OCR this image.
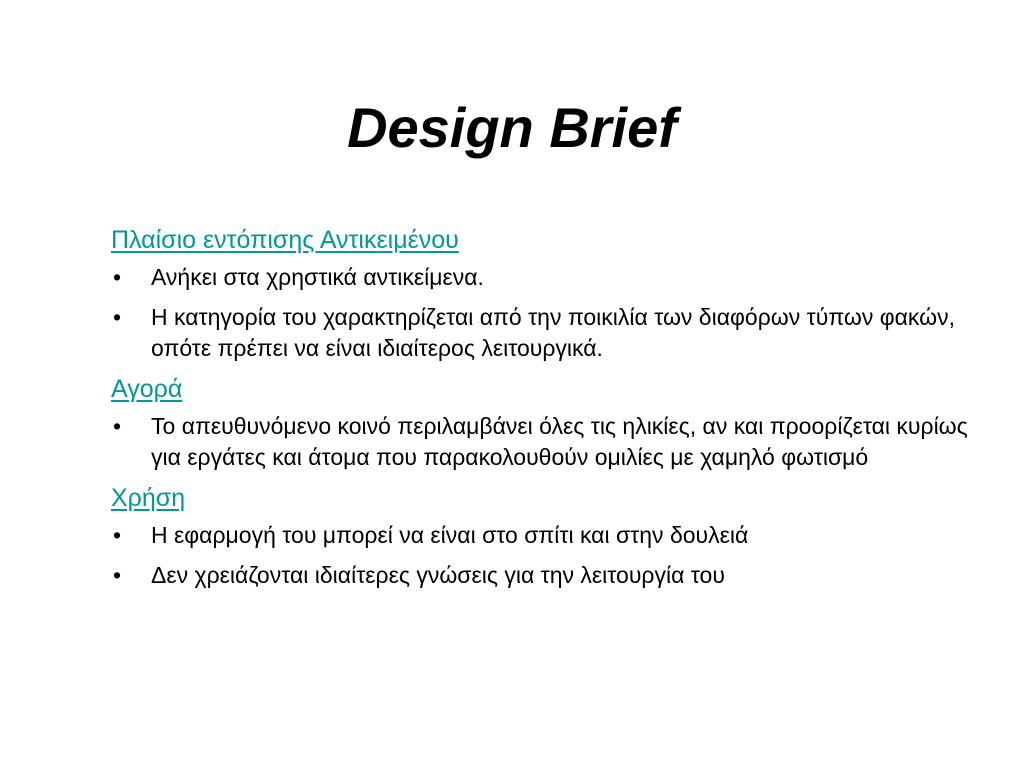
Design Brief
Πλαίσιο εντόπισης Αντικειμένου
• Ανήκει στα χρηστικά αντικείμενα.
• Η κατηγορία του χαρακτηρίζεται από την ποικιλία των διαφόρων τύπων φακών, οπότε πρέπει να είναι ιδιαίτερος λειτουργικά.
Αγορά
• Το απευθυνόμενο κοινό περιλαμβάνει όλες τις ηλικίες, αν και προορίζεται κυρίως για εργάτες και άτομα που παρακολουθούν ομιλίες με χαμηλό φωτισμό
Χρήση
• Η εφαρμογή του μπορεί να είναι στο σπίτι και στην δουλειά
• Δεν χρειάζονται ιδιαίτερες γνώσεις για την λειτουργία του
